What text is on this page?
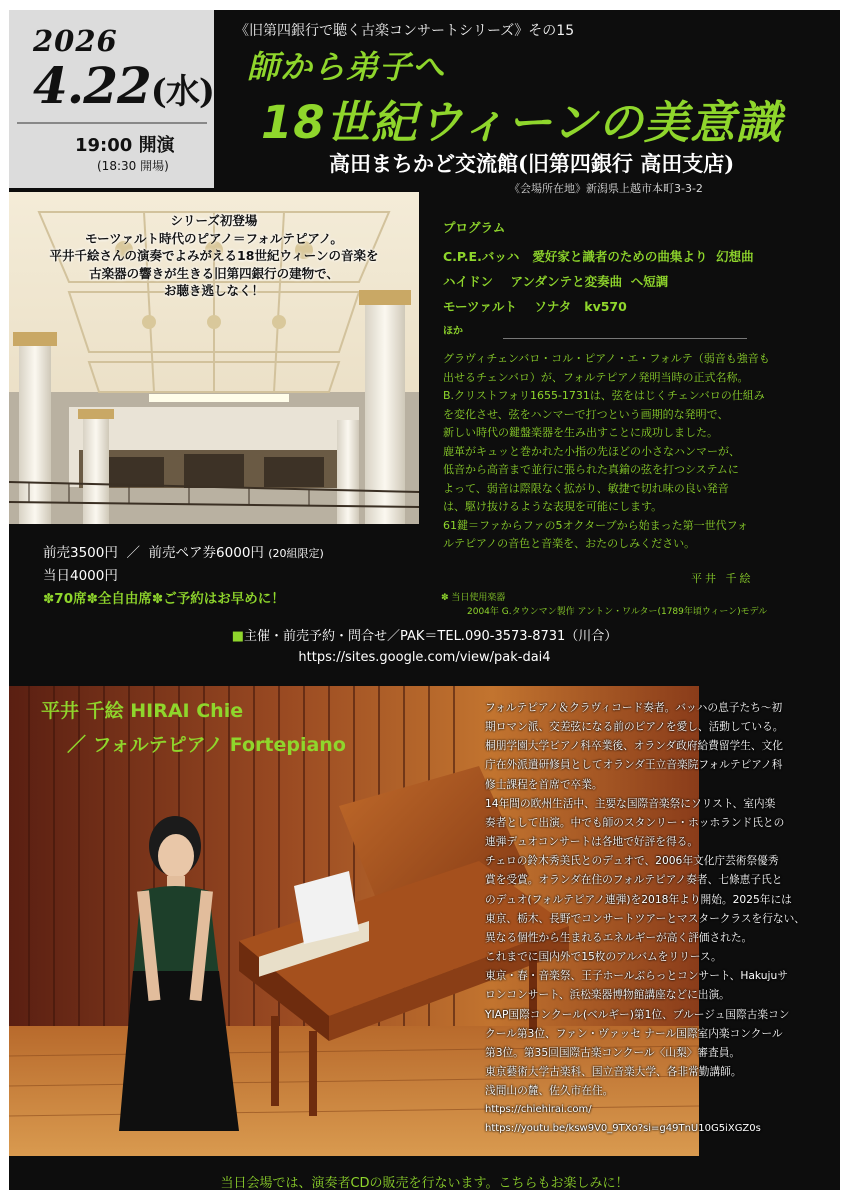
2026
4.22(水)
19:00 開演
(18:30 開場)
《旧第四銀行で聴く古楽コンサートシリーズ》その15
師から弟子へ
18世紀ウィーンの美意識
高田まちかど交流館(旧第四銀行 高田支店)
《会場所在地》新潟県上越市本町3-3-2
シリーズ初登場
モーツァルト時代のピアノ＝フォルテピアノ。
平井千絵さんの演奏でよみがえる18世紀ウィーンの音楽を
古楽器の響きが生きる旧第四銀行の建物で、
お聴き逃しなく！
プログラム
C.P.E.バッハ 愛好家と識者のための曲集より 幻想曲
ハイドン アンダンテと変奏曲 へ短調
モーツァルト ソナタ kv570
ほか
グラヴィチェンバロ・コル・ピアノ・エ・フォルテ（弱音も強音も
出せるチェンバロ）が、フォルテピアノ発明当時の正式名称。
B.クリストフォリ1655-1731は、弦をはじくチェンバロの仕組み
を変化させ、弦をハンマーで打つという画期的な発明で、
新しい時代の鍵盤楽器を生み出すことに成功しました。
鹿革がキュッと巻かれた小指の先ほどの小さなハンマーが、
低音から高音まで並行に張られた真鍮の弦を打つシステムに
よって、弱音は際限なく拡がり、敏捷で切れ味の良い発音
は、駆け抜けるような表現を可能にします。
61鍵＝ファからファの5オクターブから始まった第一世代フォ
ルテピアノの音色と音楽を、おたのしみください。
平井 千絵
✽ 当日使用楽器
2004年 G.タウンマン製作 アントン・ワルター(1789年頃ウィーン)モデル
前売3500円 ／ 前売ペア券6000円 (20組限定)
当日4000円
✽70席✽全自由席✽ご予約はお早めに！
■主催・前売予約・問合せ／PAK＝TEL.090-3573-8731（川合）
https://sites.google.com/view/pak-dai4
平井 千絵 HIRAI Chie
／ フォルテピアノ Fortepiano
フォルテピアノ＆クラヴィコード奏者。バッハの息子たち～初
期ロマン派、交差弦になる前のピアノを愛し、活動している。
桐朋学園大学ピアノ科卒業後、オランダ政府給費留学生、文化
庁在外派遣研修員としてオランダ王立音楽院フォルテピアノ科
修士課程を首席で卒業。
14年間の欧州生活中、主要な国際音楽祭にソリスト、室内楽
奏者として出演。中でも師のスタンリー・ホッホランド氏との
連弾デュオコンサートは各地で好評を得る。
チェロの鈴木秀美氏とのデュオで、2006年文化庁芸術祭優秀
賞を受賞。オランダ在住のフォルテピアノ奏者、七條恵子氏と
のデュオ(フォルテピアノ連弾)を2018年より開始。2025年には
東京、栃木、長野でコンサートツアーとマスタークラスを行ない、
異なる個性から生まれるエネルギーが高く評価された。
これまでに国内外で15枚のアルバムをリリース。
東京・春・音楽祭、王子ホールぶらっとコンサート、Hakujuサ
ロンコンサート、浜松楽器博物館講座などに出演。
YIAP国際コンクール(ベルギー)第1位、ブルージュ国際古楽コン
クール第3位、ファン・ヴァッセ ナール国際室内楽コンクール
第3位。第35回国際古楽コンクール〈山梨〉審査員。
東京藝術大学古楽科、国立音楽大学、各非常勤講師。
浅間山の麓、佐久市在住。
https://chiehirai.com/
https://youtu.be/ksw9V0_9TXo?si=g49TnU10G5iXGZ0s
当日会場では、演奏者CDの販売を行ないます。こちらもお楽しみに！
